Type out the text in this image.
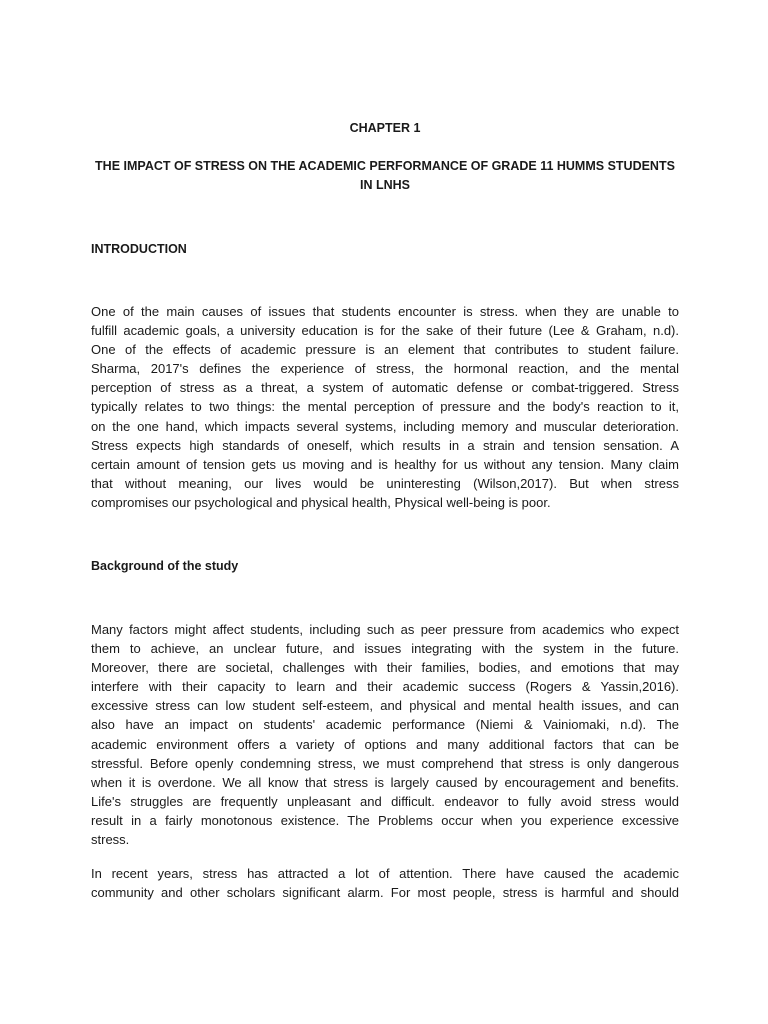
CHAPTER 1
THE IMPACT OF STRESS ON THE ACADEMIC PERFORMANCE OF GRADE 11 HUMMS STUDENTS
IN LNHS
INTRODUCTION
One of the main causes of issues that students encounter is stress. when they are unable to
fulfill academic goals, a university education is for the sake of their future (Lee & Graham, n.d).
One of the effects of academic pressure is an element that contributes to student failure.
Sharma, 2017's defines the experience of stress, the hormonal reaction, and the mental
perception of stress as a threat, a system of automatic defense or combat-triggered. Stress
typically relates to two things: the mental perception of pressure and the body's reaction to it,
on the one hand, which impacts several systems, including memory and muscular deterioration.
Stress expects high standards of oneself, which results in a strain and tension sensation. A
certain amount of tension gets us moving and is healthy for us without any tension. Many claim
that without meaning, our lives would be uninteresting (Wilson,2017). But when stress
compromises our psychological and physical health, Physical well-being is poor.
Background of the study
Many factors might affect students, including such as peer pressure from academics who expect
them to achieve, an unclear future, and issues integrating with the system in the future.
Moreover, there are societal, challenges with their families, bodies, and emotions that may
interfere with their capacity to learn and their academic success (Rogers & Yassin,2016).
excessive stress can low student self-esteem, and physical and mental health issues, and can
also have an impact on students' academic performance (Niemi & Vainiomaki, n.d). The
academic environment offers a variety of options and many additional factors that can be
stressful. Before openly condemning stress, we must comprehend that stress is only dangerous
when it is overdone. We all know that stress is largely caused by encouragement and benefits.
Life's struggles are frequently unpleasant and difficult. endeavor to fully avoid stress would
result in a fairly monotonous existence. The Problems occur when you experience excessive
stress.
In recent years, stress has attracted a lot of attention. There have caused the academic
community and other scholars significant alarm. For most people, stress is harmful and should
